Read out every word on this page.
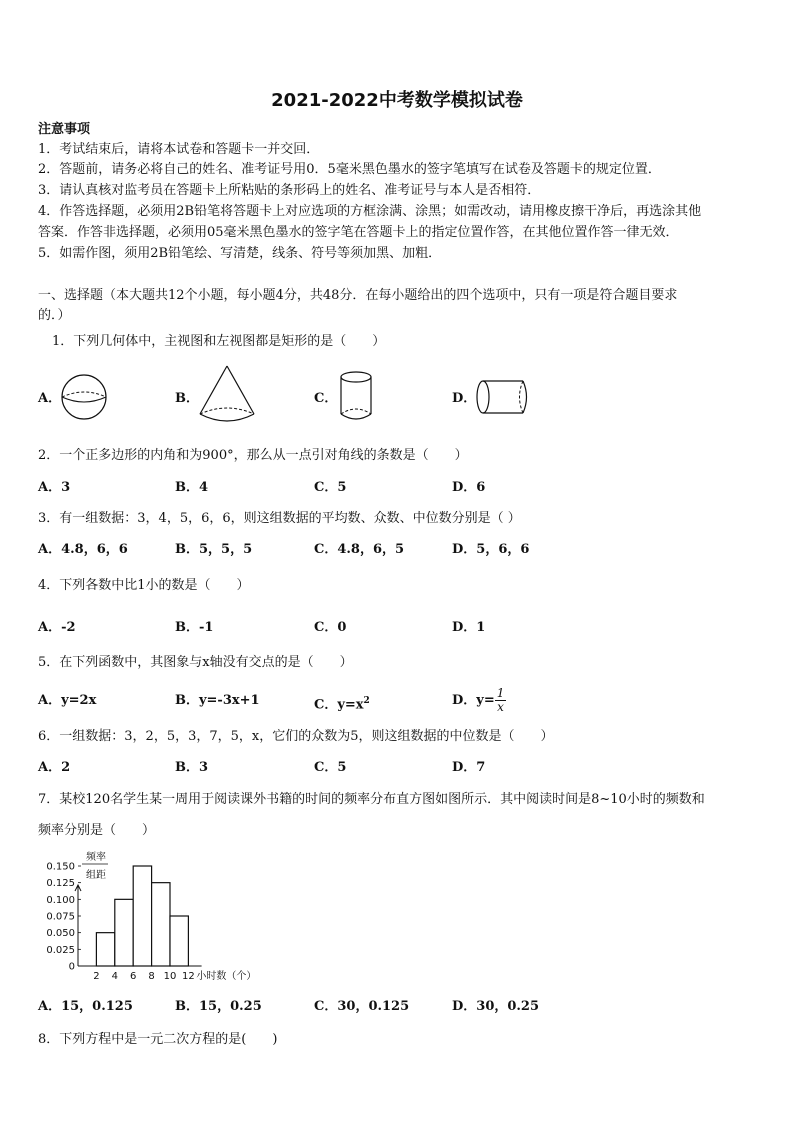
2021-2022中考数学模拟试卷
注意事项
1．考试结束后，请将本试卷和答题卡一并交回．
2．答题前，请务必将自己的姓名、准考证号用0．5毫米黑色墨水的签字笔填写在试卷及答题卡的规定位置．
3．请认真核对监考员在答题卡上所粘贴的条形码上的姓名、准考证号与本人是否相符．
4．作答选择题，必须用2B铅笔将答题卡上对应选项的方框涂满、涂黑；如需改动，请用橡皮擦干净后，再选涂其他
答案．作答非选择题，必须用05毫米黑色墨水的签字笔在答题卡上的指定位置作答，在其他位置作答一律无效．
5．如需作图，须用2B铅笔绘、写清楚，线条、符号等须加黑、加粗．
一、选择题（本大题共12个小题，每小题4分，共48分．在每小题给出的四个选项中，只有一项是符合题目要求
的．）
1．下列几何体中，主视图和左视图都是矩形的是（　　）
A．	B．	C．	D．
2．一个正多边形的内角和为900°，那么从一点引对角线的条数是（　　）
A．3	B．4	C．5	D．6
3．有一组数据：3，4，5，6，6，则这组数据的平均数、众数、中位数分别是（ ）
A．4.8，6，6	B．5，5，5	C．4.8，6，5	D．5，6，6
4．下列各数中比1小的数是（　　）
A．-2	B．-1	C．0	D．1
5．在下列函数中，其图象与x轴没有交点的是（　　）
A．y=2x	B．y=-3x+1	C．$y=x^2$	D．$y= \frac{1}{x}$
6．一组数据：3，2，5，3，7，5，x，它们的众数为5，则这组数据的中位数是（　　）
A．2	B．3	C．5	D．7
7．某校120名学生某一周用于阅读课外书籍的时间的频率分布直方图如图所示．其中阅读时间是8~10小时的频数和
频率分别是（　　）
频率
组距
0.150
0.125
0.100
0.075
0.050
0.025
0
2 4 6 8 10 12 小时数（个）
A．15，0.125	B．15，0.25	C．30，0.125	D．30，0.25
8．下列方程中是一元二次方程的是(　　)
